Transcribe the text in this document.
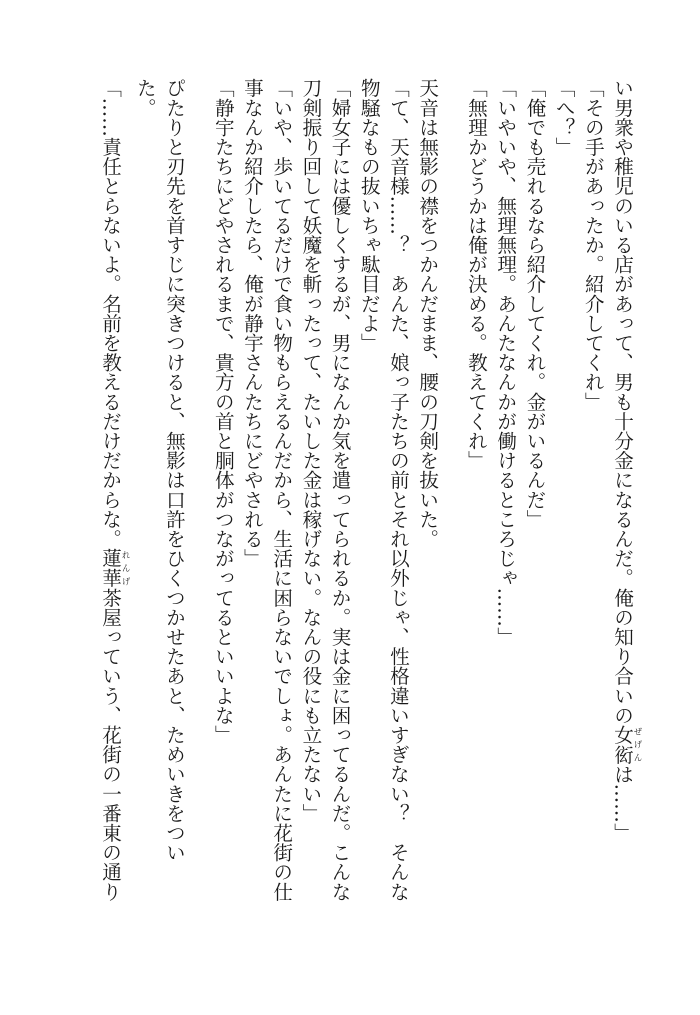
い男衆や稚児のいる店があって、男も十分金になるんだ。俺の知り合いの女衒ぜげんは……」
「その手があったか。紹介してくれ」
「へ？」
「俺でも売れるなら紹介してくれ。金がいるんだ」
「いやいや、無理無理。あんたなんかが働けるところじゃ……」
「無理かどうかは俺が決める。教えてくれ」
天音は無影の襟をつかんだまま、腰の刀剣を抜いた。
「て、天音様……？　あんた、娘っ子たちの前とそれ以外じゃ、性格違いすぎない？　そんな
物騒なもの抜いちゃ駄目だよ」
「婦女子には優しくするが、男になんか気を遣ってられるか。実は金に困ってるんだ。こんな
刀剣振り回して妖魔を斬ったって、たいした金は稼げない。なんの役にも立たない」
「いや、歩いてるだけで食い物もらえるんだから、生活に困らないでしょ。あんたに花街の仕
事なんか紹介したら、俺が静宇さんたちにどやされる」
「静宇たちにどやされるまで、貴方の首と胴体がつながってるといいよな」
ぴたりと刃先を首すじに突きつけると、無影は口許をひくつかせたあと、ためいきをつい
た。
「……責任とらないよ。名前を教えるだけだからな。蓮華れんげ茶屋っていう、花街の一番東の通り
